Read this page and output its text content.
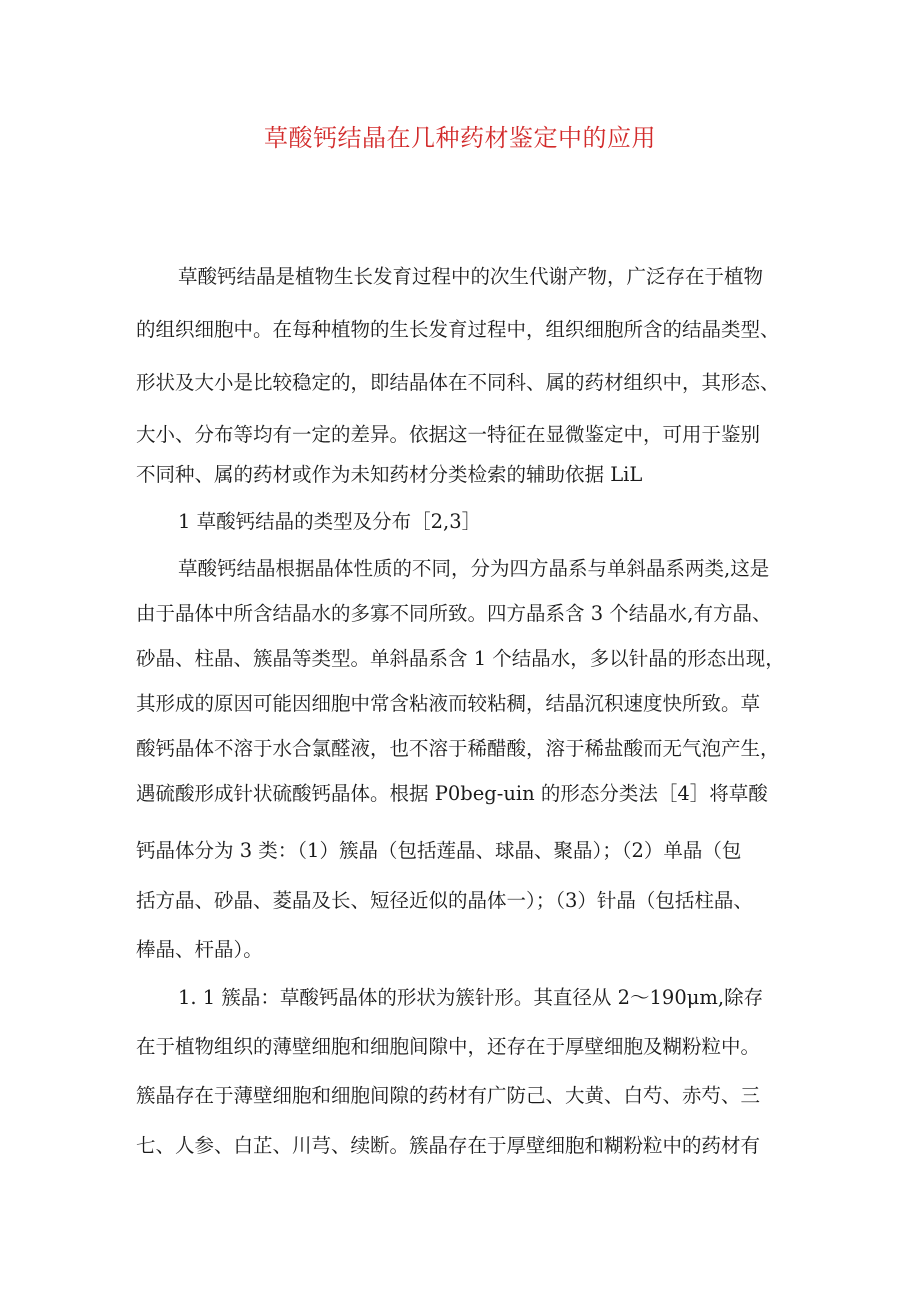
草酸钙结晶在几种药材鉴定中的应用

草酸钙结晶是植物生长发育过程中的次生代谢产物，广泛存在于植物

的组织细胞中。在每种植物的生长发育过程中，组织细胞所含的结晶类型、

形状及大小是比较稳定的，即结晶体在不同科、属的药材组织中，其形态、

大小、分布等均有一定的差异。依据这一特征在显微鉴定中，可用于鉴别

不同种、属的药材或作为未知药材分类检索的辅助依据 LiL

1 草酸钙结晶的类型及分布［2,3］

草酸钙结晶根据晶体性质的不同，分为四方晶系与单斜晶系两类,这是

由于晶体中所含结晶水的多寡不同所致。四方晶系含 3 个结晶水,有方晶、

砂晶、柱晶、簇晶等类型。单斜晶系含 1 个结晶水，多以针晶的形态出现，

其形成的原因可能因细胞中常含粘液而较粘稠，结晶沉积速度快所致。草

酸钙晶体不溶于水合氯醛液，也不溶于稀醋酸，溶于稀盐酸而无气泡产生，

遇硫酸形成针状硫酸钙晶体。根据 P0beg-uin 的形态分类法［4］将草酸

钙晶体分为 3 类：（1）簇晶（包括莲晶、球晶、聚晶）；（2）单晶（包

括方晶、砂晶、菱晶及长、短径近似的晶体一）；（3）针晶（包括柱晶、

棒晶、杆晶）。

1. 1 簇晶：草酸钙晶体的形状为簇针形。其直径从 2～190μm,除存

在于植物组织的薄壁细胞和细胞间隙中，还存在于厚壁细胞及糊粉粒中。

簇晶存在于薄壁细胞和细胞间隙的药材有广防己、大黄、白芍、赤芍、三

七、人参、白芷、川芎、续断。簇晶存在于厚壁细胞和糊粉粒中的药材有
